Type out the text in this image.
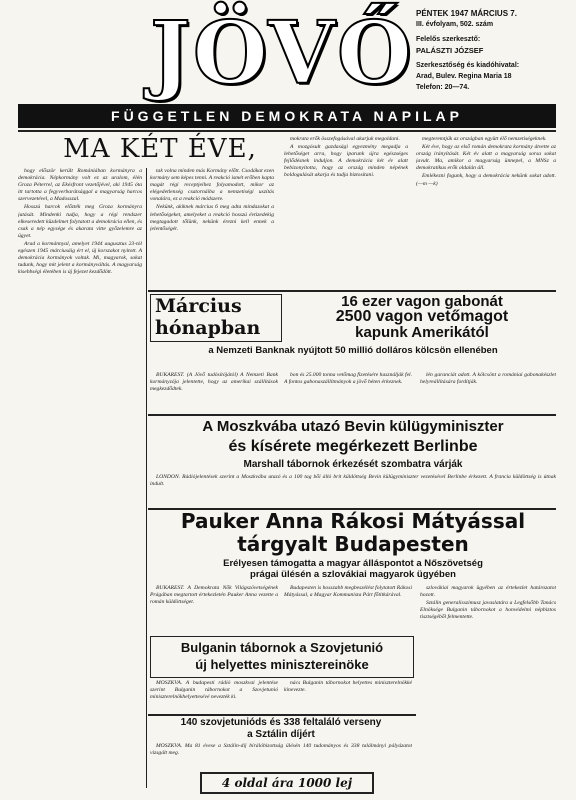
JÖVŐ
FÜGGETLEN DEMOKRATA NAPILAP
PÉNTEK 1947 MÁRCIUS 7.
III. évfolyam, 502. szám
Felelős szerkesztő:
PALÁSZTI JÓZSEF
Szerkesztőség és kiadóhivatal:
Arad, Bulev. Regina Maria 18
Telefon: 20—74.
MA KÉT ÉVE,

hogy először került Romániában kormányra a demokrácia. Népkormány volt ez az uralom, élén Groza Péterrel, az Ekésfront vezetőjével, aki 1945 óta itt tartotta a fegyverbarátsággal a magyarság harcos szervezetével, a Madosszal.

Hosszú harcok előzték meg Groza kormányra jutását. Mindenki tudja, hogy a régi rendszer elkeseredett küzdelmet folytatott a demokrácia ellen, és csak a nép egysége és akarata vitte győzelemre az ügyet.

Arad a kormánnyal, amelyet 1944 augusztus 23-tól egészen 1945 márciusáig ért el, új korszakot nyitott. A demokrácia kormányok voltak. Mi, magyarok, sokat tudunk, hogy mit jelent a kormányváltás. A magyarság kisebbségi életében is új fejezet kezdődött.

tak volna minden más Kormány előtt. Csodákat ezen kormány sem képes tenni. A reakció ismét erőben kapta magát régi receptjeihez folyamodott, mikor az elégedetlenség csatornáiba a nemzetiségi uszítás vonalára, ez a reakció módszere.

Nekünk, akiknek március 6 meg adta mindazokat a lehetőségeket, amelyeket a reakció hosszú évtizedekig megtagadott tőlünk, nekünk érezni kell ennek a jelentőségét.

mokrata erők összefogásával akarjuk megoldani.

A mozgósult gazdasági egyezmény megadja a lehetőséget arra, hogy iparunk újra egészséges fejlődésnek induljon. A demokrácia két év alatt bebizonyította, hogy az ország minden népének boldogulását akarja és tudja biztosítani.

megteremtjük az országban együtt élő nemzetiségeknek.

Két éve, hogy az első román demokrata kormány átvette az ország irányítását. Két év alatt a magyarság sorsa sokat javult. Ma, amikor a magyarság ünnepel, a MNSz a demokratikus erők oldalán áll.

Emlékezni fogunk, hogy a demokrácia nekünk sokat adott. (—m —k)

Március
hónapban
16 ezer vagon gabonát
2500 vagon vetőmagot
kapunk Amerikától
a Nemzeti Banknak nyújtott 50 millió dolláros kölcsön ellenében

BUKAREST. (A Jövő tudósítójától) A Nemzeti Bank kormányzója jelentette, hogy az amerikai szállítások megkezdődtek.

bon és 25.000 tonna vetőmag fizetésére használják fel. A fontos gabonaszállítmányok a jövő héten érkeznek.

lén garanciát adott. A kölcsönt a romániai gabonakészlet helyreállítására fordítják.

A Moszkvába utazó Bevin külügyminiszter
és kísérete megérkezett Berlinbe
Marshall tábornok érkezését szombatra várják

LONDON. Rádiójelentések szerint a Moszkvába utazó és a 100 tag bői álló brit küldöttség Bevin külügyminiszter vezetésével Berlinbe érkezett. A francia küldöttség is útnak indult.

Pauker Anna Rákosi Mátyással
tárgyalt Budapesten
Erélyesen támogatta a magyar álláspontot a Nőszövetség
prágai ülésén a szlovákiai magyarok ügyében

BUKAREST. A Demokrata Nők Világszövetségének Prágában megtartott értekezletén Pauker Anna vezette a román küldöttséget.

Budapesten is hosszabb megbeszélést folytatott Rákosi Mátyással, a Magyar Kommunista Párt főtitkárával.

szlovákiai magyarok ügyében az értekezlet határozatot hozott.

Sztálin generalisszimusz javaslatára a Legfelsőbb Tanács Elnöksége Bulganin tábornokot a honvédelmi népbiztos tisztségéből felmentette.

Bulganin tábornok a Szovjetunió
új helyettes minisztereinöke

MOSZKVA. A budapesti rádió moszkvai jelentése szerint Bulganin tábornokot a Szovjetunió miniszterelnökhelyettesévé nevezték ki.

nács Bulganin tábornokot helyettes miniszterelnökké kinevezte.

140 szovjetunióds és 338 feltaláló verseny
a Sztálin díjért

MOSZKVA. Ma 81 évese a Sztálin-díj bírálóbizottság ülésén 140 tudományos és 338 találmányi pályázatot vizsgált meg.

4 oldal ára 1000 lej
